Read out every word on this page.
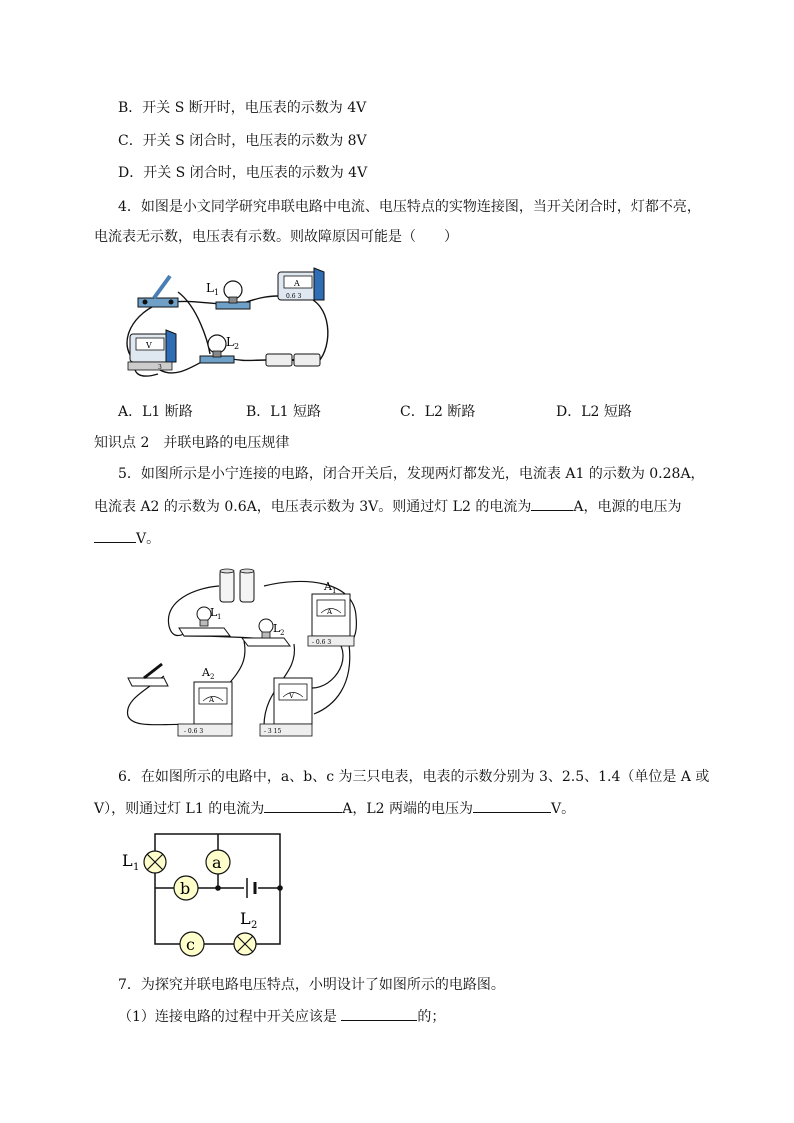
B．开关 S 断开时，电压表的示数为 4V
C．开关 S 闭合时，电压表的示数为 8V
D．开关 S 闭合时，电压表的示数为 4V
4．如图是小文同学研究串联电路中电流、电压特点的实物连接图，当开关闭合时，灯都不亮，
电流表无示数，电压表有示数。则故障原因可能是（　　）
L 1
A
0.6 3
V
3
L 2
A．L1 断路	B．L1 短路	C．L2 断路	D．L2 短路
知识点 2　并联电路的电压规律
5．如图所示是小宁连接的电路，闭合开关后，发现两灯都发光，电流表 A1 的示数为 0.28A，
电流表 A2 的示数为 0.6A，电压表示数为 3V。则通过灯 L2 的电流为	A，电源的电压为
V。
L 1
L 2
A
- 0.6 3
A 1
A
- 0.6 3
A 2
V
- 3 15
6．在如图所示的电路中，a、b、c 为三只电表，电表的示数分别为 3、2.5、1.4（单位是 A 或
V），则通过灯 L1 的电流为	A，L2 两端的电压为	V。
L 1	a
b
c
L 2
7．为探究并联电路电压特点，小明设计了如图所示的电路图。
（1）连接电路的过程中开关应该是	的；
